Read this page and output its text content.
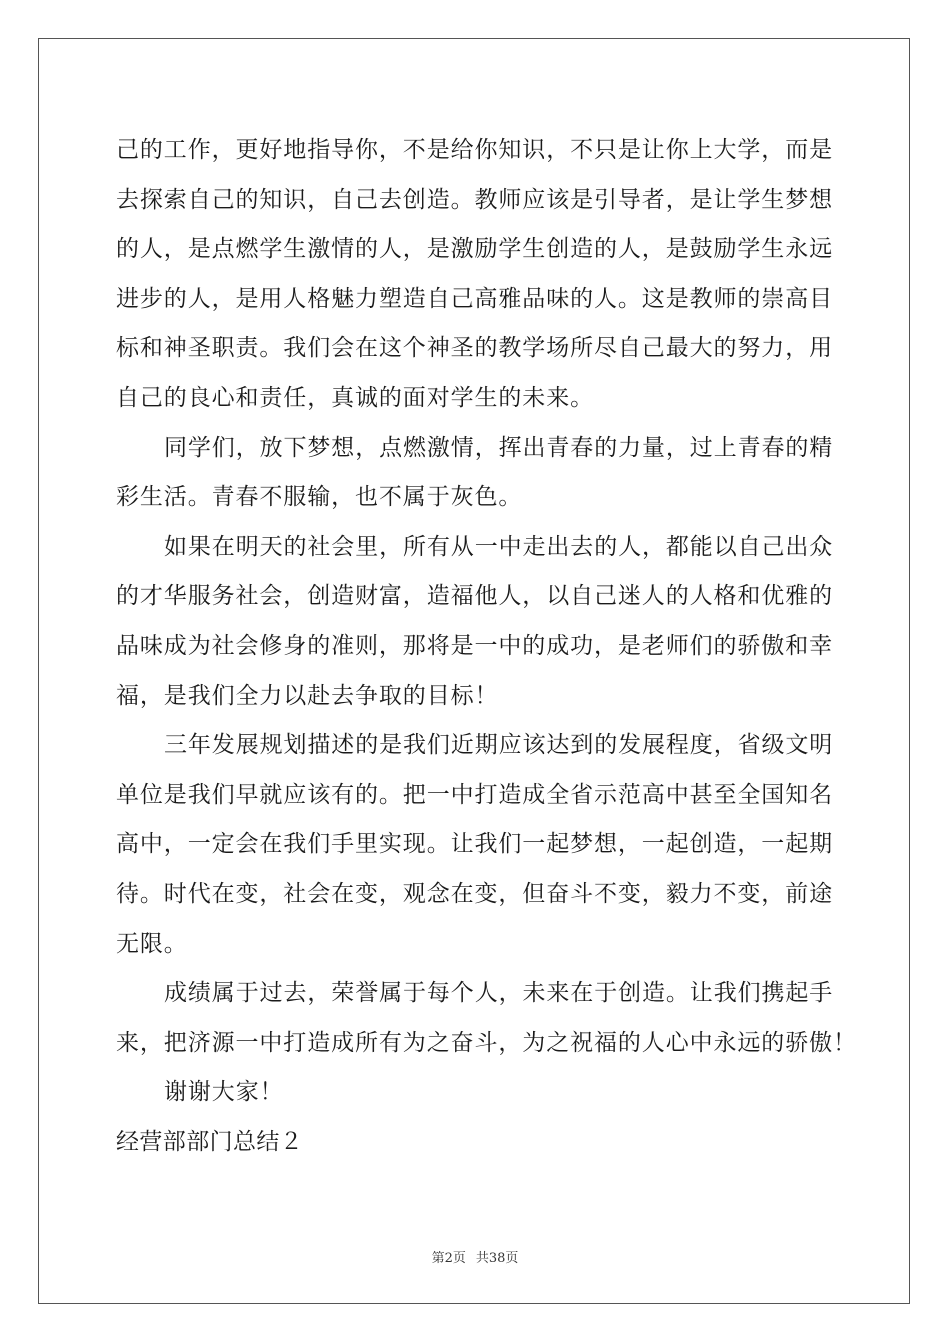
己的工作，更好地指导你，不是给你知识，不只是让你上大学，而是
去探索自己的知识，自己去创造。教师应该是引导者，是让学生梦想
的人，是点燃学生激情的人，是激励学生创造的人，是鼓励学生永远
进步的人，是用人格魅力塑造自己高雅品味的人。这是教师的崇高目
标和神圣职责。我们会在这个神圣的教学场所尽自己最大的努力，用
自己的良心和责任，真诚的面对学生的未来。
同学们，放下梦想，点燃激情，挥出青春的力量，过上青春的精
彩生活。青春不服输，也不属于灰色。
如果在明天的社会里，所有从一中走出去的人，都能以自己出众
的才华服务社会，创造财富，造福他人，以自己迷人的人格和优雅的
品味成为社会修身的准则，那将是一中的成功，是老师们的骄傲和幸
福，是我们全力以赴去争取的目标！
三年发展规划描述的是我们近期应该达到的发展程度，省级文明
单位是我们早就应该有的。把一中打造成全省示范高中甚至全国知名
高中，一定会在我们手里实现。让我们一起梦想，一起创造，一起期
待。时代在变，社会在变，观念在变，但奋斗不变，毅力不变，前途
无限。
成绩属于过去，荣誉属于每个人，未来在于创造。让我们携起手
来，把济源一中打造成所有为之奋斗，为之祝福的人心中永远的骄傲！
谢谢大家！
经营部部门总结２
第2页 共38页
